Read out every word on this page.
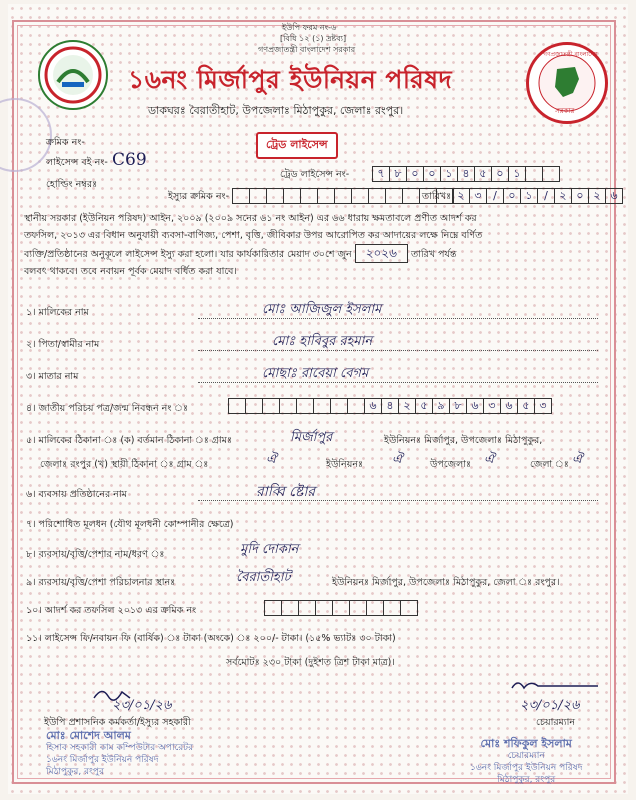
গণপ্রজাতন্ত্রী বাংলাদেশ
সরকার
ইউপি ফরম নং-৬
[বিধি ১২ (১) দ্রষ্টব্য]
গণপ্রজাতন্ত্রী বাংলাদেশ সরকার
১৬নং মির্জাপুর ইউনিয়ন পরিষদ
ডাকঘরঃ বৈরাতীহাট, উপজেলাঃ মিঠাপুকুর, জেলাঃ রংপুর।
ট্রেড লাইসেন্স
ক্রমিক নং-
লাইসেন্স বই নং- C69
হোল্ডিং নম্বরঃ
ট্রেড লাইসেন্স নং-	৭ ৮ ০ ০ ১ ৪ ৫ ০ ১
ইস্যুর ক্রমিক নং-	তারিখঃ ২ ৩	/	০ ১	/	২ ০ ২ ৬
স্থানীয় সরকার (ইউনিয়ন পরিষদ) আইন, ২০০৯ (২০০৯ সনের ৬১ নং আইন) এর ৬৬ ধারায় ক্ষমতাবলে প্রণীত আদর্শ কর
তফসিল, ২০১৩ এর বিধান অনুযায়ী ব্যবসা-বাণিজ্য, পেশা, বৃত্তি, জীবিকার উপর আরোপিত কর আদায়ের লক্ষে নিম্নে বর্ণিত
ব্যক্তি/প্রতিষ্ঠানের অনুকূলে লাইসেন্স ইস্যু করা হলো। যার কার্যকারিতার মেয়াদ ৩০শে জুন ২০২৬ তারিখ পর্যন্ত
বলবৎ থাকবে। তবে নবায়ন পূর্বক মেয়াদ বর্ধিত করা যাবে।
১। মালিকের নাম	মোঃ আজিজুল ইসলাম
২। পিতা/স্বামীর নাম	মোঃ হাবিবুর রহমান
৩। মাতার নাম	মোছাঃ রাবেয়া বেগম
৪। জাতীয় পরিচয় পত্র/জন্ম নিবন্ধন নং ঃ	৬ ৪ ২ ৫ ৯ ৮ ৬ ৩ ৬ ৫ ৩
৫। মালিকের ঠিকানা ঃ (ক) বর্তমান ঠিকানা ঃ গ্রামঃ	মির্জাপুর	ইউনিয়নঃ মির্জাপুর, উপজেলাঃ মিঠাপুকুর,
জেলাঃ রংপুর (খ) স্থায়ী ঠিকানা ঃ গ্রাম ঃ	ঐ	ইউনিয়নঃ ঐ	উপজেলাঃ ঐ	জেলা ঃ ঐ
৬। ব্যবসায় প্রতিষ্ঠানের নাম	রাব্বি ষ্টোর
৭। পরিশোধিত মূলধন (যৌথ মূলধনী কোম্পানীর ক্ষেত্রে)
৮। ব্যবসায়/বৃত্তি/পেশার নাম/ধরণ ঃ	মুদি দোকান
৯। ব্যবসায়/বৃত্তি/পেশা পরিচালনার স্থানঃ	বৈরাতীহাট	ইউনিয়নঃ মির্জাপুর, উপজেলাঃ মিঠাপুকুর, জেলা ঃ রংপুর।
১০। আদর্শ কর তফসিল ২০১৩ এর ক্রমিক নং
১১। লাইসেন্স ফি/নবায়ন ফি (বার্ষিক) ঃ টাকা (অংকে) ঃ ২০০/- টাকা। (১৫% ভ্যাটঃ ৩০ টাকা)
সর্বমোটঃ ২৩০ টাকা (দুইশত ত্রিশ টাকা মাত্র)।
২৩/০১/২৬
ইউপি প্রশাসনিক কর্মকর্তা/ইস্যুর সহকারী
মোঃ মোশেদ আলম
হিসাব সহকারী কাম কম্পিউটার অপারেটর
১৬নং মির্জাপুর ইউনিয়ন পরিষদ
মিঠাপুকুর, রংপুর
২৩/০১/২৬
চেয়ারম্যান
মোঃ শফিকুল ইসলাম
চেয়ারম্যান
১৬নং মির্জাপুর ইউনিয়ন পরিষদ
মিঠাপুকুর, রংপুর
